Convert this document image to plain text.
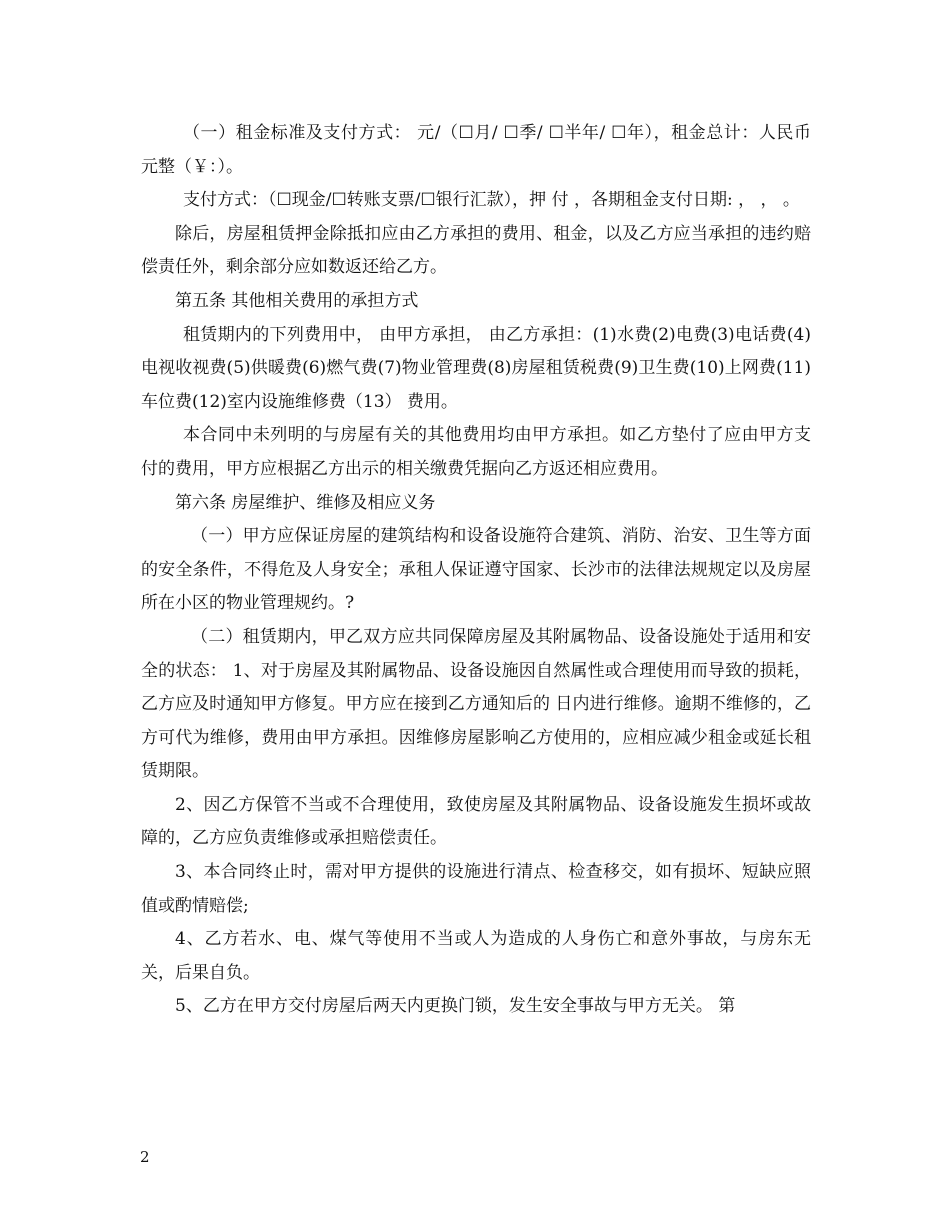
（一）租金标准及支付方式： 元/（☐月/ ☐季/ ☐半年/ ☐年），租金总计：人民币 元整（￥：）。

支付方式：（☐现金/☐转账支票/☐银行汇款），押 付 ，各期租金支付日期: ， ， 。

除后，房屋租赁押金除抵扣应由乙方承担的费用、租金，以及乙方应当承担的违约赔偿责任外，剩余部分应如数返还给乙方。

第五条 其他相关费用的承担方式

租赁期内的下列费用中， 由甲方承担， 由乙方承担：(1)水费(2)电费(3)电话费(4)电视收视费(5)供暖费(6)燃气费(7)物业管理费(8)房屋租赁税费(9)卫生费(10)上网费(11)车位费(12)室内设施维修费（13） 费用。

本合同中未列明的与房屋有关的其他费用均由甲方承担。如乙方垫付了应由甲方支付的费用，甲方应根据乙方出示的相关缴费凭据向乙方返还相应费用。

第六条 房屋维护、维修及相应义务

（一）甲方应保证房屋的建筑结构和设备设施符合建筑、消防、治安、卫生等方面的安全条件，不得危及人身安全；承租人保证遵守国家、长沙市的法律法规规定以及房屋所在小区的物业管理规约。?

（二）租赁期内，甲乙双方应共同保障房屋及其附属物品、设备设施处于适用和安全的状态： 1、对于房屋及其附属物品、设备设施因自然属性或合理使用而导致的损耗，乙方应及时通知甲方修复。甲方应在接到乙方通知后的 日内进行维修。逾期不维修的，乙方可代为维修，费用由甲方承担。因维修房屋影响乙方使用的，应相应减少租金或延长租赁期限。

2、因乙方保管不当或不合理使用，致使房屋及其附属物品、设备设施发生损坏或故障的，乙方应负责维修或承担赔偿责任。

3、本合同终止时，需对甲方提供的设施进行清点、检查移交，如有损坏、短缺应照值或酌情赔偿;

4、乙方若水、电、煤气等使用不当或人为造成的人身伤亡和意外事故，与房东无关，后果自负。

5、乙方在甲方交付房屋后两天内更换门锁，发生安全事故与甲方无关。 第

2
